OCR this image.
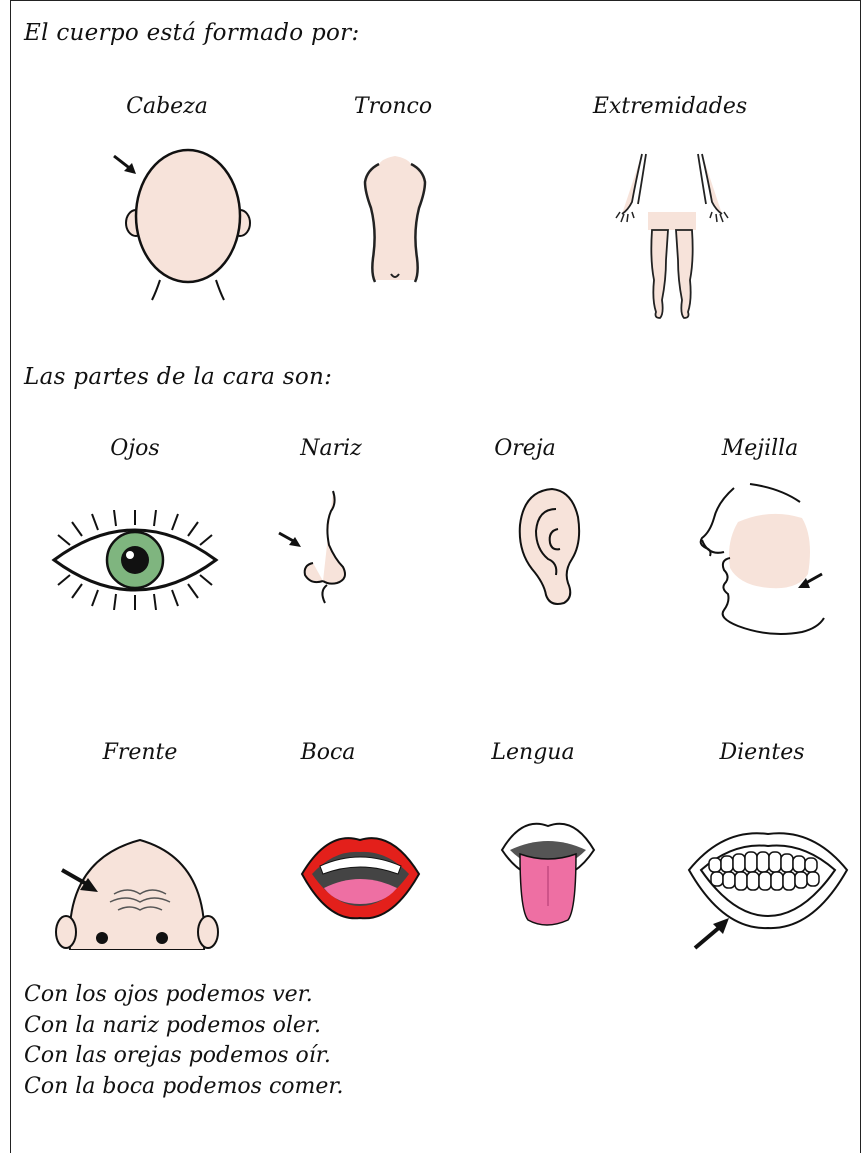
El cuerpo está formado por:
Cabeza	Tronco	Extremidades
Las partes de la cara son:
Ojos	Nariz	Oreja	Mejilla
Frente	Boca	Lengua	Dientes
Con los ojos podemos ver.
Con la nariz podemos oler.
Con las orejas podemos oír.
Con la boca podemos comer.
